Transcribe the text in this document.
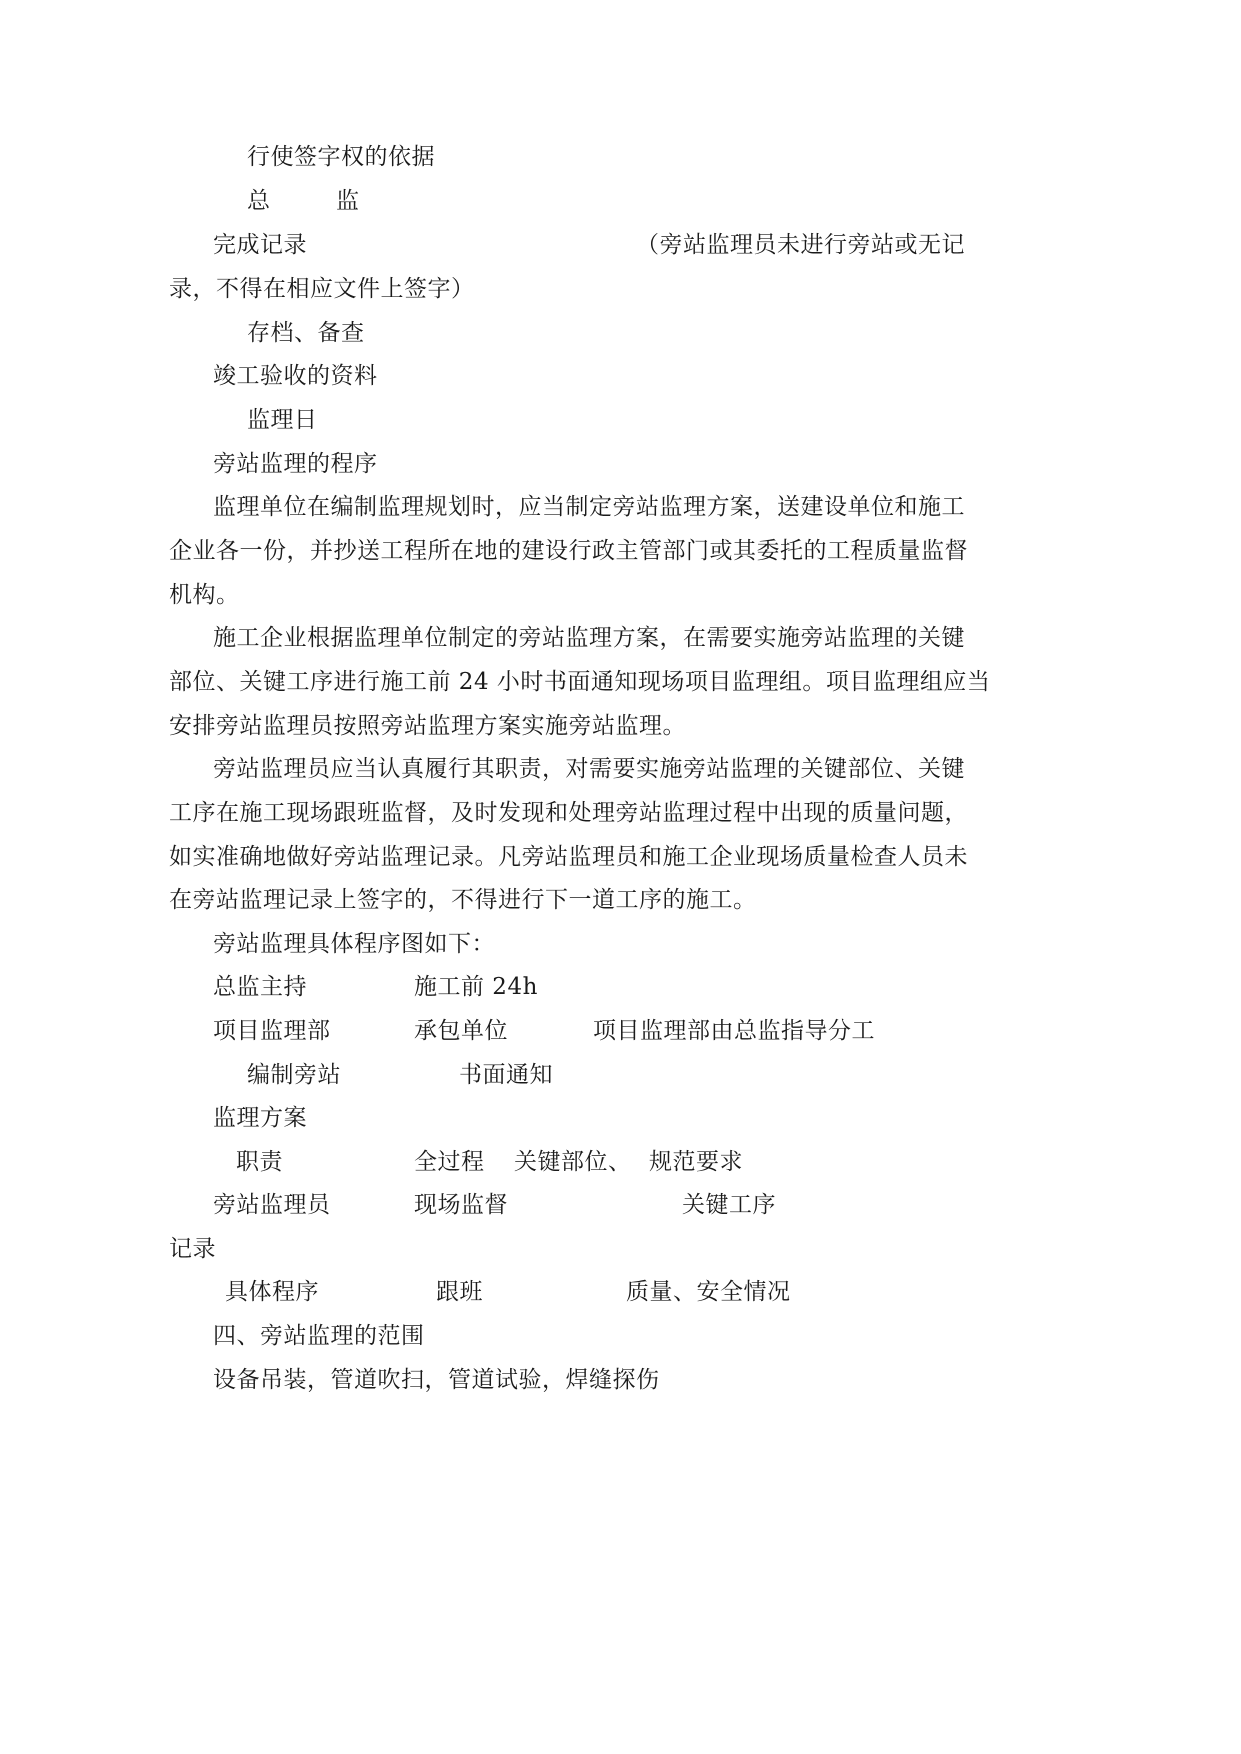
行使签字权的依据
总	监
完成记录	（旁站监理员未进行旁站或无记
录，不得在相应文件上签字）
存档、备查
竣工验收的资料
监理日
旁站监理的程序
监理单位在编制监理规划时，应当制定旁站监理方案，送建设单位和施工
企业各一份，并抄送工程所在地的建设行政主管部门或其委托的工程质量监督
机构。
施工企业根据监理单位制定的旁站监理方案，在需要实施旁站监理的关键
部位、关键工序进行施工前 24 小时书面通知现场项目监理组。项目监理组应当
安排旁站监理员按照旁站监理方案实施旁站监理。
旁站监理员应当认真履行其职责，对需要实施旁站监理的关键部位、关键
工序在施工现场跟班监督，及时发现和处理旁站监理过程中出现的质量问题，
如实准确地做好旁站监理记录。凡旁站监理员和施工企业现场质量检查人员未
在旁站监理记录上签字的，不得进行下一道工序的施工。
旁站监理具体程序图如下：
总监主持	施工前 24h
项目监理部	承包单位	项目监理部由总监指导分工
编制旁站	书面通知
监理方案
职责	全过程 关键部位、 规范要求
旁站监理员	现场监督	关键工序
记录
具体程序	跟班	质量、安全情况
四、旁站监理的范围
设备吊装，管道吹扫，管道试验，焊缝探伤
